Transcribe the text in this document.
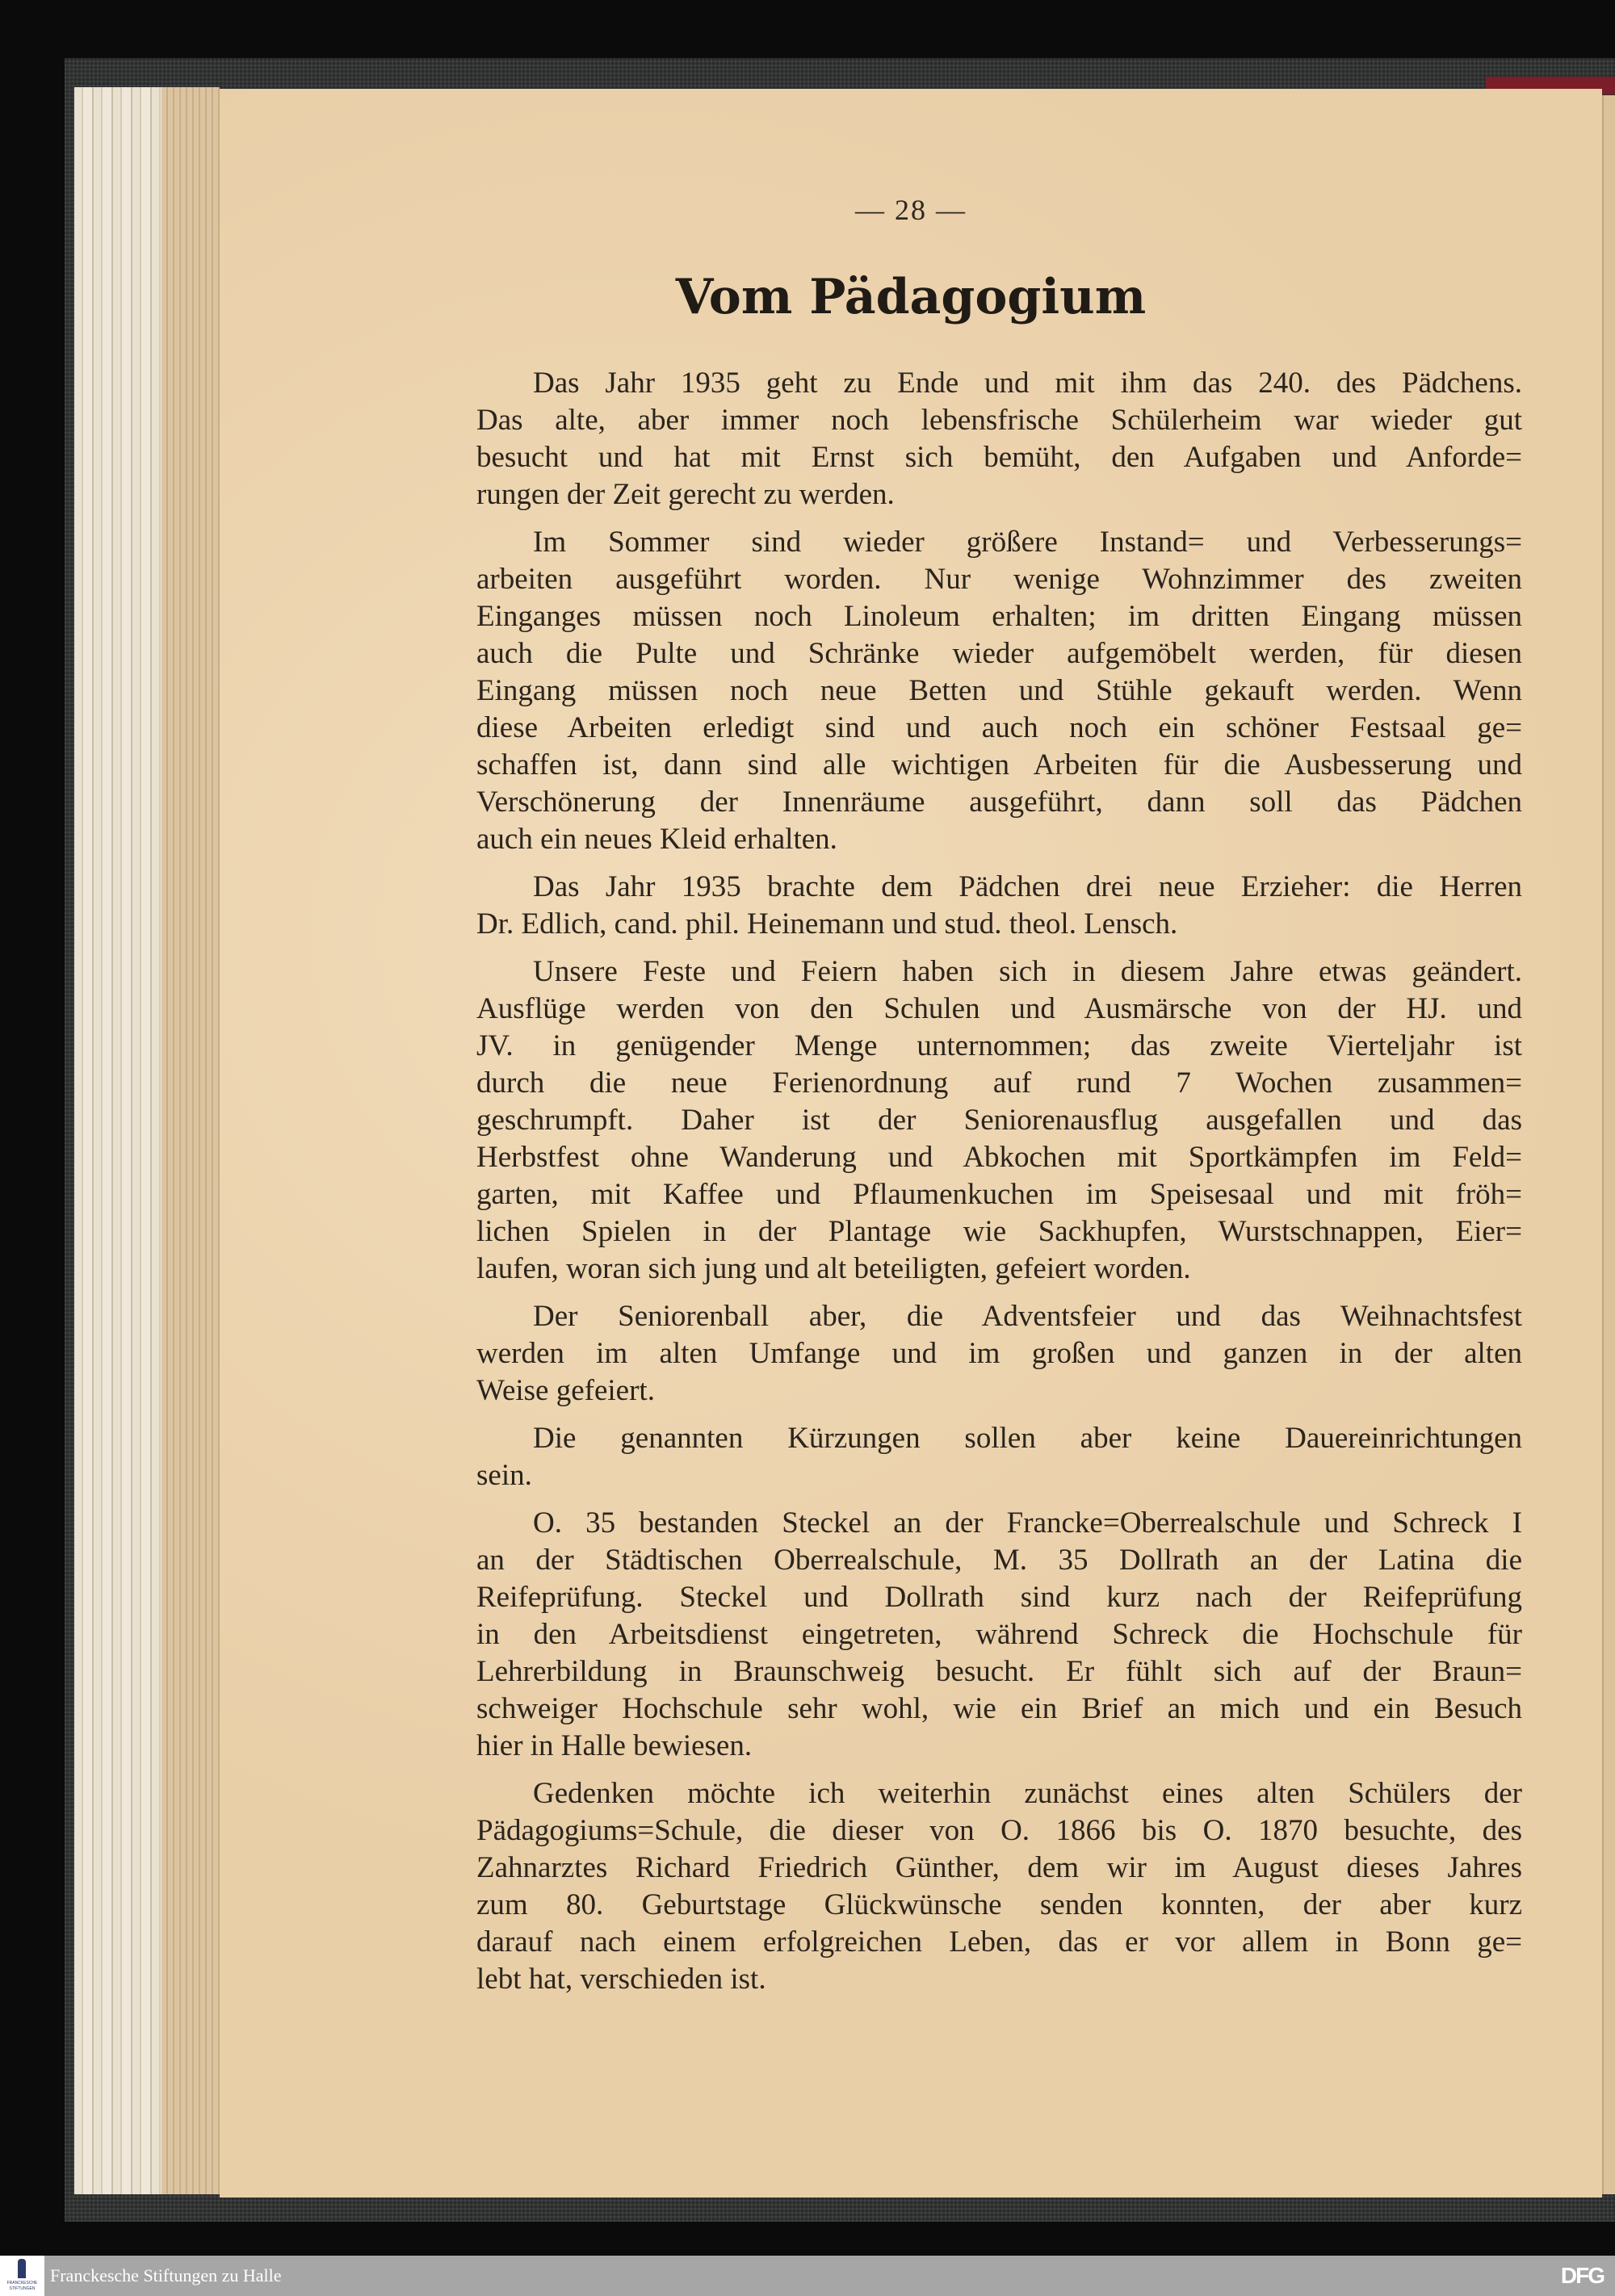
— 28 —
Vom Pädagogium
Das Jahr 1935 geht zu Ende und mit ihm das 240. des Pädchens.
Das alte, aber immer noch lebensfrische Schülerheim war wieder gut
besucht und hat mit Ernst sich bemüht, den Aufgaben und Anforde=
rungen der Zeit gerecht zu werden.
Im Sommer sind wieder größere Instand= und Verbesserungs=
arbeiten ausgeführt worden. Nur wenige Wohnzimmer des zweiten
Einganges müssen noch Linoleum erhalten; im dritten Eingang müssen
auch die Pulte und Schränke wieder aufgemöbelt werden, für diesen
Eingang müssen noch neue Betten und Stühle gekauft werden. Wenn
diese Arbeiten erledigt sind und auch noch ein schöner Festsaal ge=
schaffen ist, dann sind alle wichtigen Arbeiten für die Ausbesserung und
Verschönerung der Innenräume ausgeführt, dann soll das Pädchen
auch ein neues Kleid erhalten.
Das Jahr 1935 brachte dem Pädchen drei neue Erzieher: die Herren
Dr. Edlich, cand. phil. Heinemann und stud. theol. Lensch.
Unsere Feste und Feiern haben sich in diesem Jahre etwas geändert.
Ausflüge werden von den Schulen und Ausmärsche von der HJ. und
JV. in genügender Menge unternommen; das zweite Vierteljahr ist
durch die neue Ferienordnung auf rund 7 Wochen zusammen=
geschrumpft. Daher ist der Seniorenausflug ausgefallen und das
Herbstfest ohne Wanderung und Abkochen mit Sportkämpfen im Feld=
garten, mit Kaffee und Pflaumenkuchen im Speisesaal und mit fröh=
lichen Spielen in der Plantage wie Sackhupfen, Wurstschnappen, Eier=
laufen, woran sich jung und alt beteiligten, gefeiert worden.
Der Seniorenball aber, die Adventsfeier und das Weihnachtsfest
werden im alten Umfange und im großen und ganzen in der alten
Weise gefeiert.
Die genannten Kürzungen sollen aber keine Dauereinrichtungen
sein.
O. 35 bestanden Steckel an der Francke=Oberrealschule und Schreck I
an der Städtischen Oberrealschule, M. 35 Dollrath an der Latina die
Reifeprüfung. Steckel und Dollrath sind kurz nach der Reifeprüfung
in den Arbeitsdienst eingetreten, während Schreck die Hochschule für
Lehrerbildung in Braunschweig besucht. Er fühlt sich auf der Braun=
schweiger Hochschule sehr wohl, wie ein Brief an mich und ein Besuch
hier in Halle bewiesen.
Gedenken möchte ich weiterhin zunächst eines alten Schülers der
Pädagogiums=Schule, die dieser von O. 1866 bis O. 1870 besuchte, des
Zahnarztes Richard Friedrich Günther, dem wir im August dieses Jahres
zum 80. Geburtstage Glückwünsche senden konnten, der aber kurz
darauf nach einem erfolgreichen Leben, das er vor allem in Bonn ge=
lebt hat, verschieden ist.
FRANCKESCHE STIFTUNGEN
Franckesche Stiftungen zu Halle	DFG
